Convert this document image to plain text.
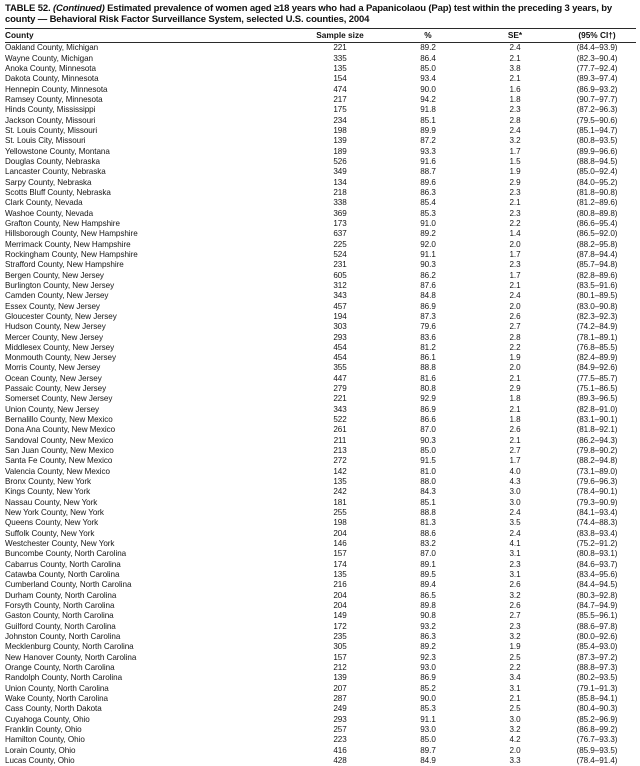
TABLE 52. (Continued) Estimated prevalence of women aged ≥18 years who had a Papanicolaou (Pap) test within the preceding 3 years, by county — Behavioral Risk Factor Surveillance System, selected U.S. counties, 2004
County	Sample size	%	SE*	(95% CI†)
Oakland County, Michigan	221	89.2	2.4	(84.4–93.9)
Wayne County, Michigan	335	86.4	2.1	(82.3–90.4)
Anoka County, Minnesota	135	85.0	3.8	(77.7–92.4)
Dakota County, Minnesota	154	93.4	2.1	(89.3–97.4)
Hennepin County, Minnesota	474	90.0	1.6	(86.9–93.2)
Ramsey County, Minnesota	217	94.2	1.8	(90.7–97.7)
Hinds County, Mississippi	175	91.8	2.3	(87.2–96.3)
Jackson County, Missouri	234	85.1	2.8	(79.5–90.6)
St. Louis County, Missouri	198	89.9	2.4	(85.1–94.7)
St. Louis City, Missouri	139	87.2	3.2	(80.8–93.5)
Yellowstone County, Montana	189	93.3	1.7	(89.9–96.6)
Douglas County, Nebraska	526	91.6	1.5	(88.8–94.5)
Lancaster County, Nebraska	349	88.7	1.9	(85.0–92.4)
Sarpy County, Nebraska	134	89.6	2.9	(84.0–95.2)
Scotts Bluff County, Nebraska	218	86.3	2.3	(81.8–90.8)
Clark County, Nevada	338	85.4	2.1	(81.2–89.6)
Washoe County, Nevada	369	85.3	2.3	(80.8–89.8)
Grafton County, New Hampshire	173	91.0	2.2	(86.6–95.4)
Hillsborough County, New Hampshire	637	89.2	1.4	(86.5–92.0)
Merrimack County, New Hampshire	225	92.0	2.0	(88.2–95.8)
Rockingham County, New Hampshire	524	91.1	1.7	(87.8–94.4)
Strafford County, New Hampshire	231	90.3	2.3	(85.7–94.8)
Bergen County, New Jersey	605	86.2	1.7	(82.8–89.6)
Burlington County, New Jersey	312	87.6	2.1	(83.5–91.6)
Camden County, New Jersey	343	84.8	2.4	(80.1–89.5)
Essex County, New Jersey	457	86.9	2.0	(83.0–90.8)
Gloucester County, New Jersey	194	87.3	2.6	(82.3–92.3)
Hudson County, New Jersey	303	79.6	2.7	(74.2–84.9)
Mercer County, New Jersey	293	83.6	2.8	(78.1–89.1)
Middlesex County, New Jersey	454	81.2	2.2	(76.8–85.5)
Monmouth County, New Jersey	454	86.1	1.9	(82.4–89.9)
Morris County, New Jersey	355	88.8	2.0	(84.9–92.6)
Ocean County, New Jersey	447	81.6	2.1	(77.5–85.7)
Passaic County, New Jersey	279	80.8	2.9	(75.1–86.5)
Somerset County, New Jersey	221	92.9	1.8	(89.3–96.5)
Union County, New Jersey	343	86.9	2.1	(82.8–91.0)
Bernalillo County, New Mexico	522	86.6	1.8	(83.1–90.1)
Dona Ana County, New Mexico	261	87.0	2.6	(81.8–92.1)
Sandoval County, New Mexico	211	90.3	2.1	(86.2–94.3)
San Juan County, New Mexico	213	85.0	2.7	(79.8–90.2)
Santa Fe County, New Mexico	272	91.5	1.7	(88.2–94.8)
Valencia County, New Mexico	142	81.0	4.0	(73.1–89.0)
Bronx County, New York	135	88.0	4.3	(79.6–96.3)
Kings County, New York	242	84.3	3.0	(78.4–90.1)
Nassau County, New York	181	85.1	3.0	(79.3–90.9)
New York County, New York	255	88.8	2.4	(84.1–93.4)
Queens County, New York	198	81.3	3.5	(74.4–88.3)
Suffolk County, New York	204	88.6	2.4	(83.8–93.4)
Westchester County, New York	146	83.2	4.1	(75.2–91.2)
Buncombe County, North Carolina	157	87.0	3.1	(80.8–93.1)
Cabarrus County, North Carolina	174	89.1	2.3	(84.6–93.7)
Catawba County, North Carolina	135	89.5	3.1	(83.4–95.6)
Cumberland County, North Carolina	216	89.4	2.6	(84.4–94.5)
Durham County, North Carolina	204	86.5	3.2	(80.3–92.8)
Forsyth County, North Carolina	204	89.8	2.6	(84.7–94.9)
Gaston County, North Carolina	149	90.8	2.7	(85.5–96.1)
Guilford County, North Carolina	172	93.2	2.3	(88.6–97.8)
Johnston County, North Carolina	235	86.3	3.2	(80.0–92.6)
Mecklenburg County, North Carolina	305	89.2	1.9	(85.4–93.0)
New Hanover County, North Carolina	157	92.3	2.5	(87.3–97.2)
Orange County, North Carolina	212	93.0	2.2	(88.8–97.3)
Randolph County, North Carolina	139	86.9	3.4	(80.2–93.5)
Union County, North Carolina	207	85.2	3.1	(79.1–91.3)
Wake County, North Carolina	287	90.0	2.1	(85.8–94.1)
Cass County, North Dakota	249	85.3	2.5	(80.4–90.3)
Cuyahoga County, Ohio	293	91.1	3.0	(85.2–96.9)
Franklin County, Ohio	257	93.0	3.2	(86.8–99.2)
Hamilton County, Ohio	223	85.0	4.2	(76.7–93.3)
Lorain County, Ohio	416	89.7	2.0	(85.9–93.5)
Lucas County, Ohio	428	84.9	3.3	(78.4–91.4)
